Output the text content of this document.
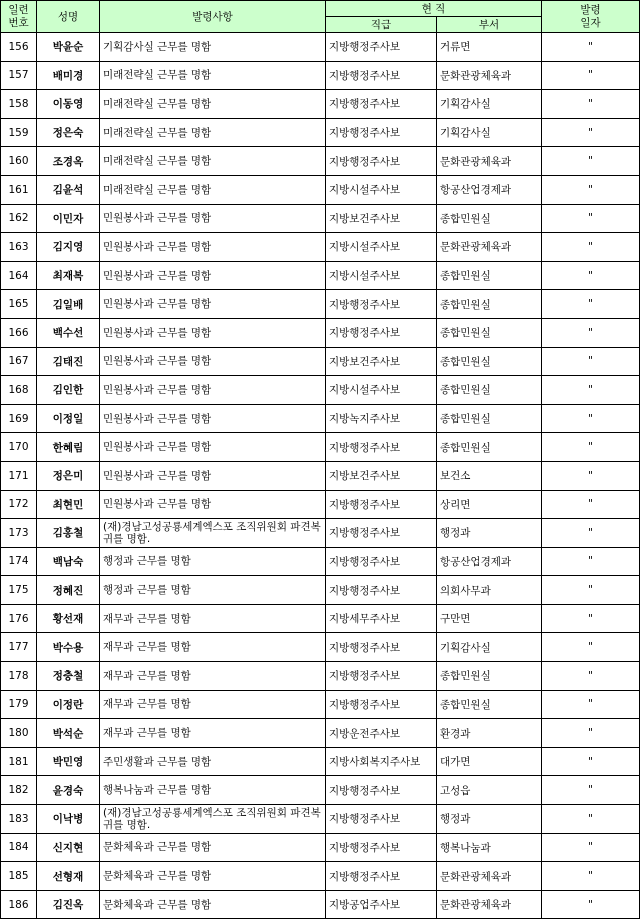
일련
번호	성명	발령사항	현 직		발령
일자
			직급	부서	
156	박윤순	기획감사실 근무를 명함	지방행정주사보	거류면	"
157	배미경	미래전략실 근무를 명함	지방행정주사보	문화관광체육과	"
158	이동영	미래전략실 근무를 명함	지방행정주사보	기획감사실	"
159	정은숙	미래전략실 근무를 명함	지방행정주사보	기획감사실	"
160	조경옥	미래전략실 근무를 명함	지방행정주사보	문화관광체육과	"
161	김윤석	미래전략실 근무를 명함	지방시설주사보	항공산업경제과	"
162	이민자	민원봉사과 근무를 명함	지방보건주사보	종합민원실	"
163	김지영	민원봉사과 근무를 명함	지방시설주사보	문화관광체육과	"
164	최재복	민원봉사과 근무를 명함	지방시설주사보	종합민원실	"
165	김일배	민원봉사과 근무를 명함	지방행정주사보	종합민원실	"
166	백수선	민원봉사과 근무를 명함	지방행정주사보	종합민원실	"
167	김태진	민원봉사과 근무를 명함	지방보건주사보	종합민원실	"
168	김인한	민원봉사과 근무를 명함	지방시설주사보	종합민원실	"
169	이정일	민원봉사과 근무를 명함	지방녹지주사보	종합민원실	"
170	한혜림	민원봉사과 근무를 명함	지방행정주사보	종합민원실	"
171	정은미	민원봉사과 근무를 명함	지방보건주사보	보건소	"
172	최현민	민원봉사과 근무를 명함	지방행정주사보	상리면	"
173	김홍철	(재)경남고성공룡세계엑스포 조직위원회 파견복귀를 명함.	지방행정주사보	행정과	"
174	백남숙	행정과 근무를 명함	지방행정주사보	항공산업경제과	"
175	정혜진	행정과 근무를 명함	지방행정주사보	의회사무과	"
176	황선재	재무과 근무를 명함	지방세무주사보	구만면	"
177	박수용	재무과 근무를 명함	지방행정주사보	기획감사실	"
178	정충철	재무과 근무를 명함	지방행정주사보	종합민원실	"
179	이정란	재무과 근무를 명함	지방행정주사보	종합민원실	"
180	박석순	재무과 근무를 명함	지방운전주사보	환경과	"
181	박민영	주민생활과 근무를 명함	지방사회복지주사보	대가면	"
182	윤경숙	행복나눔과 근무를 명함	지방행정주사보	고성읍	"
183	이낙병	(재)경남고성공룡세계엑스포 조직위원회 파견복귀를 명함.	지방행정주사보	행정과	"
184	신지현	문화체육과 근무를 명함	지방행정주사보	행복나눔과	"
185	선형재	문화체육과 근무를 명함	지방행정주사보	문화관광체육과	"
186	김진옥	문화체육과 근무를 명함	지방공업주사보	문화관광체육과	"
